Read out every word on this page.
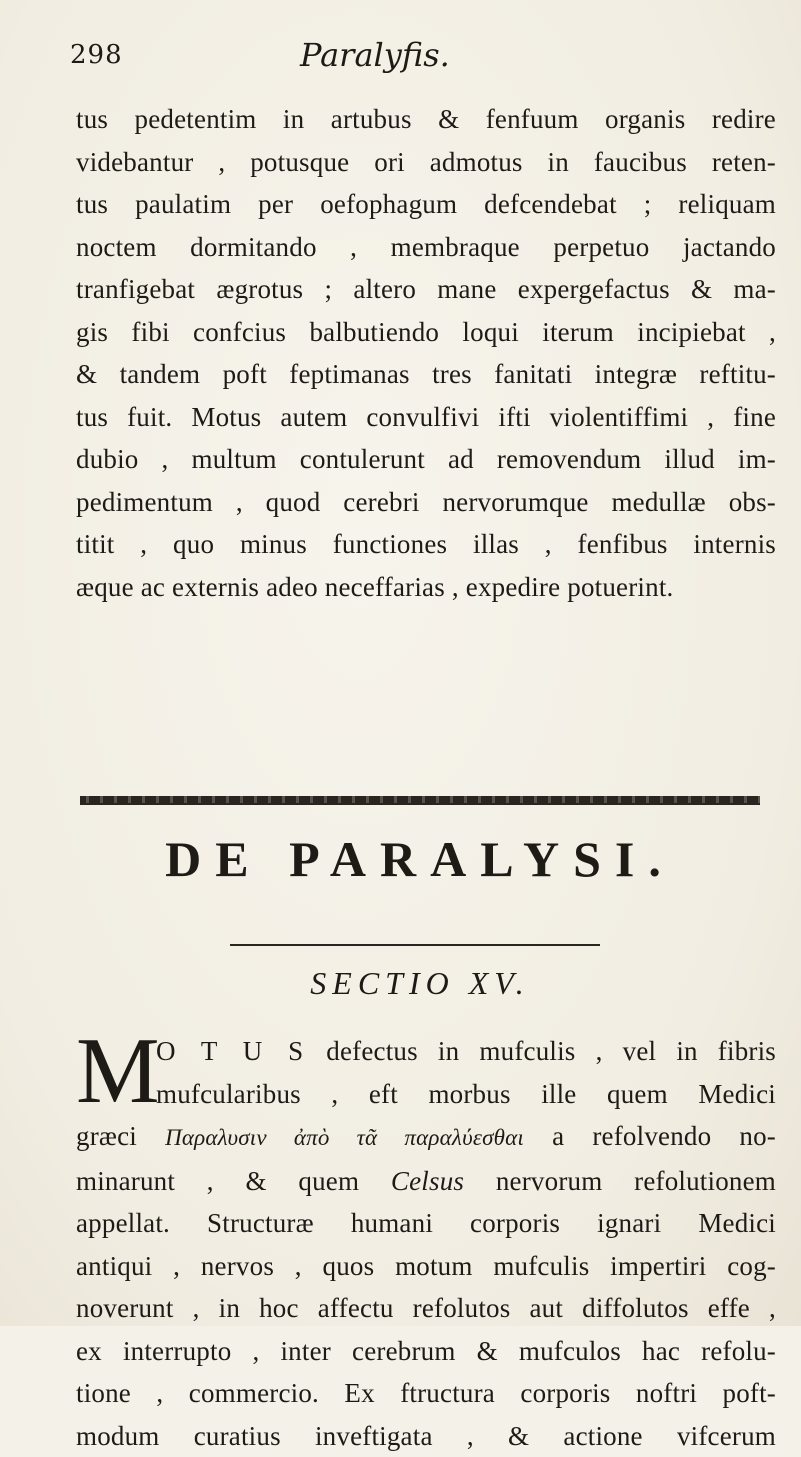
298	Paralyfis.
tus pedetentim in artubus & fenfuum organis redire
videbantur , potusque ori admotus in faucibus reten-
tus paulatim per oefophagum defcendebat ; reliquam
noctem dormitando , membraque perpetuo jactando
tranfigebat ægrotus ; altero mane expergefactus & ma-
gis fibi confcius balbutiendo loqui iterum incipiebat ,
& tandem poft feptimanas tres fanitati integræ reftitu-
tus fuit. Motus autem convulfivi ifti violentiffimi , fine
dubio , multum contulerunt ad removendum illud im-
pedimentum , quod cerebri nervorumque medullæ obs-
titit , quo minus functiones illas , fenfibus internis
æque ac externis adeo neceffarias , expedire potuerint.
DE PARALYSI.
SECTIO XV.
M
O T U S defectus in mufculis , vel in fibris
mufcularibus , eft morbus ille quem Medici
græci Παραλυσιν ἀπὸ τᾶ παραλύεσθαι a refolvendo no-
minarunt , & quem Celsus nervorum refolutionem
appellat. Structuræ humani corporis ignari Medici
antiqui , nervos , quos motum mufculis impertiri cog-
noverunt , in hoc affectu refolutos aut diffolutos effe ,
ex interrupto , inter cerebrum & mufculos hac refolu-
tione , commercio. Ex ftructura corporis noftri poft-
modum curatius inveftigata , & actione vifcerum
